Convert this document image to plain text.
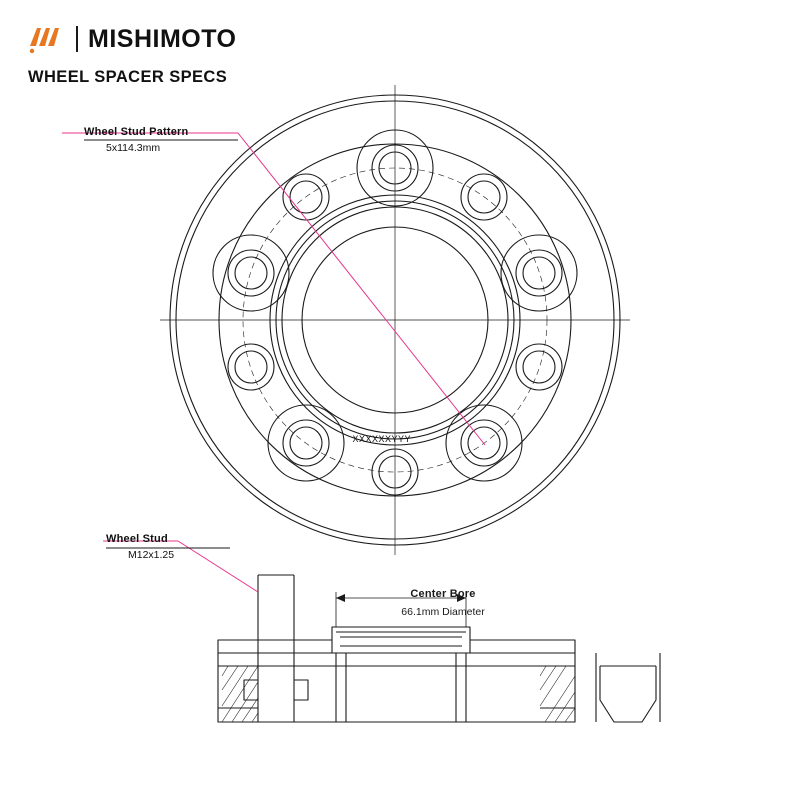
MISHIMOTO
WHEEL SPACER SPECS
Wheel Stud Pattern
5x114.3mm
Wheel Stud
M12x1.25
Center Bore
66.1mm Diameter
YYYXXXXXX
